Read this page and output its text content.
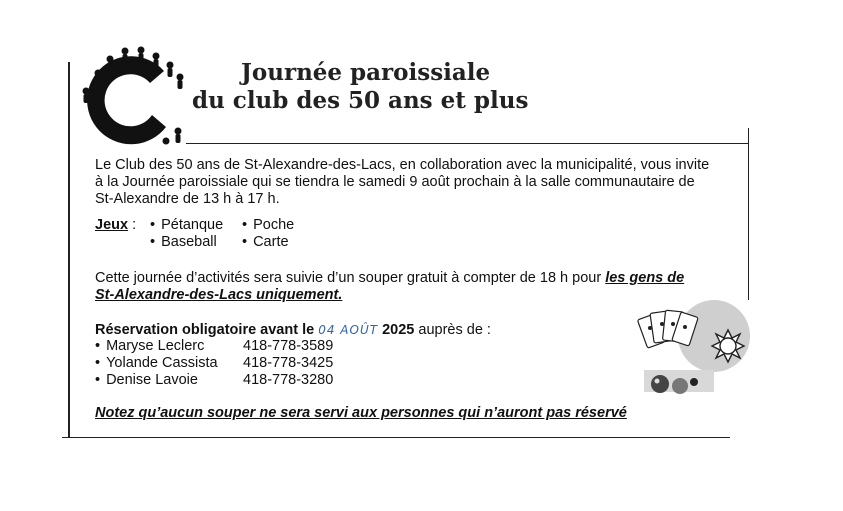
Journée paroissiale
du club des 50 ans et plus
Le Club des 50 ans de St-Alexandre-des-Lacs, en collaboration avec la municipalité, vous invite
à la Journée paroissiale qui se tiendra le samedi 9 août prochain à la salle communautaire de
St-Alexandre de 13 h à 17 h.
Jeux :	• Pétanque	• Poche
• Baseball	• Carte
Cette journée d’activités sera suivie d’un souper gratuit à compter de 18 h pour les gens de
St-Alexandre-des-Lacs uniquement.
Réservation obligatoire avant le 04 AOÛT 2025 auprès de :
• Maryse Leclerc	418-778-3589
• Yolande Cassista 418-778-3425
• Denise Lavoie	418-778-3280
Notez qu’aucun souper ne sera servi aux personnes qui n’auront pas réservé
